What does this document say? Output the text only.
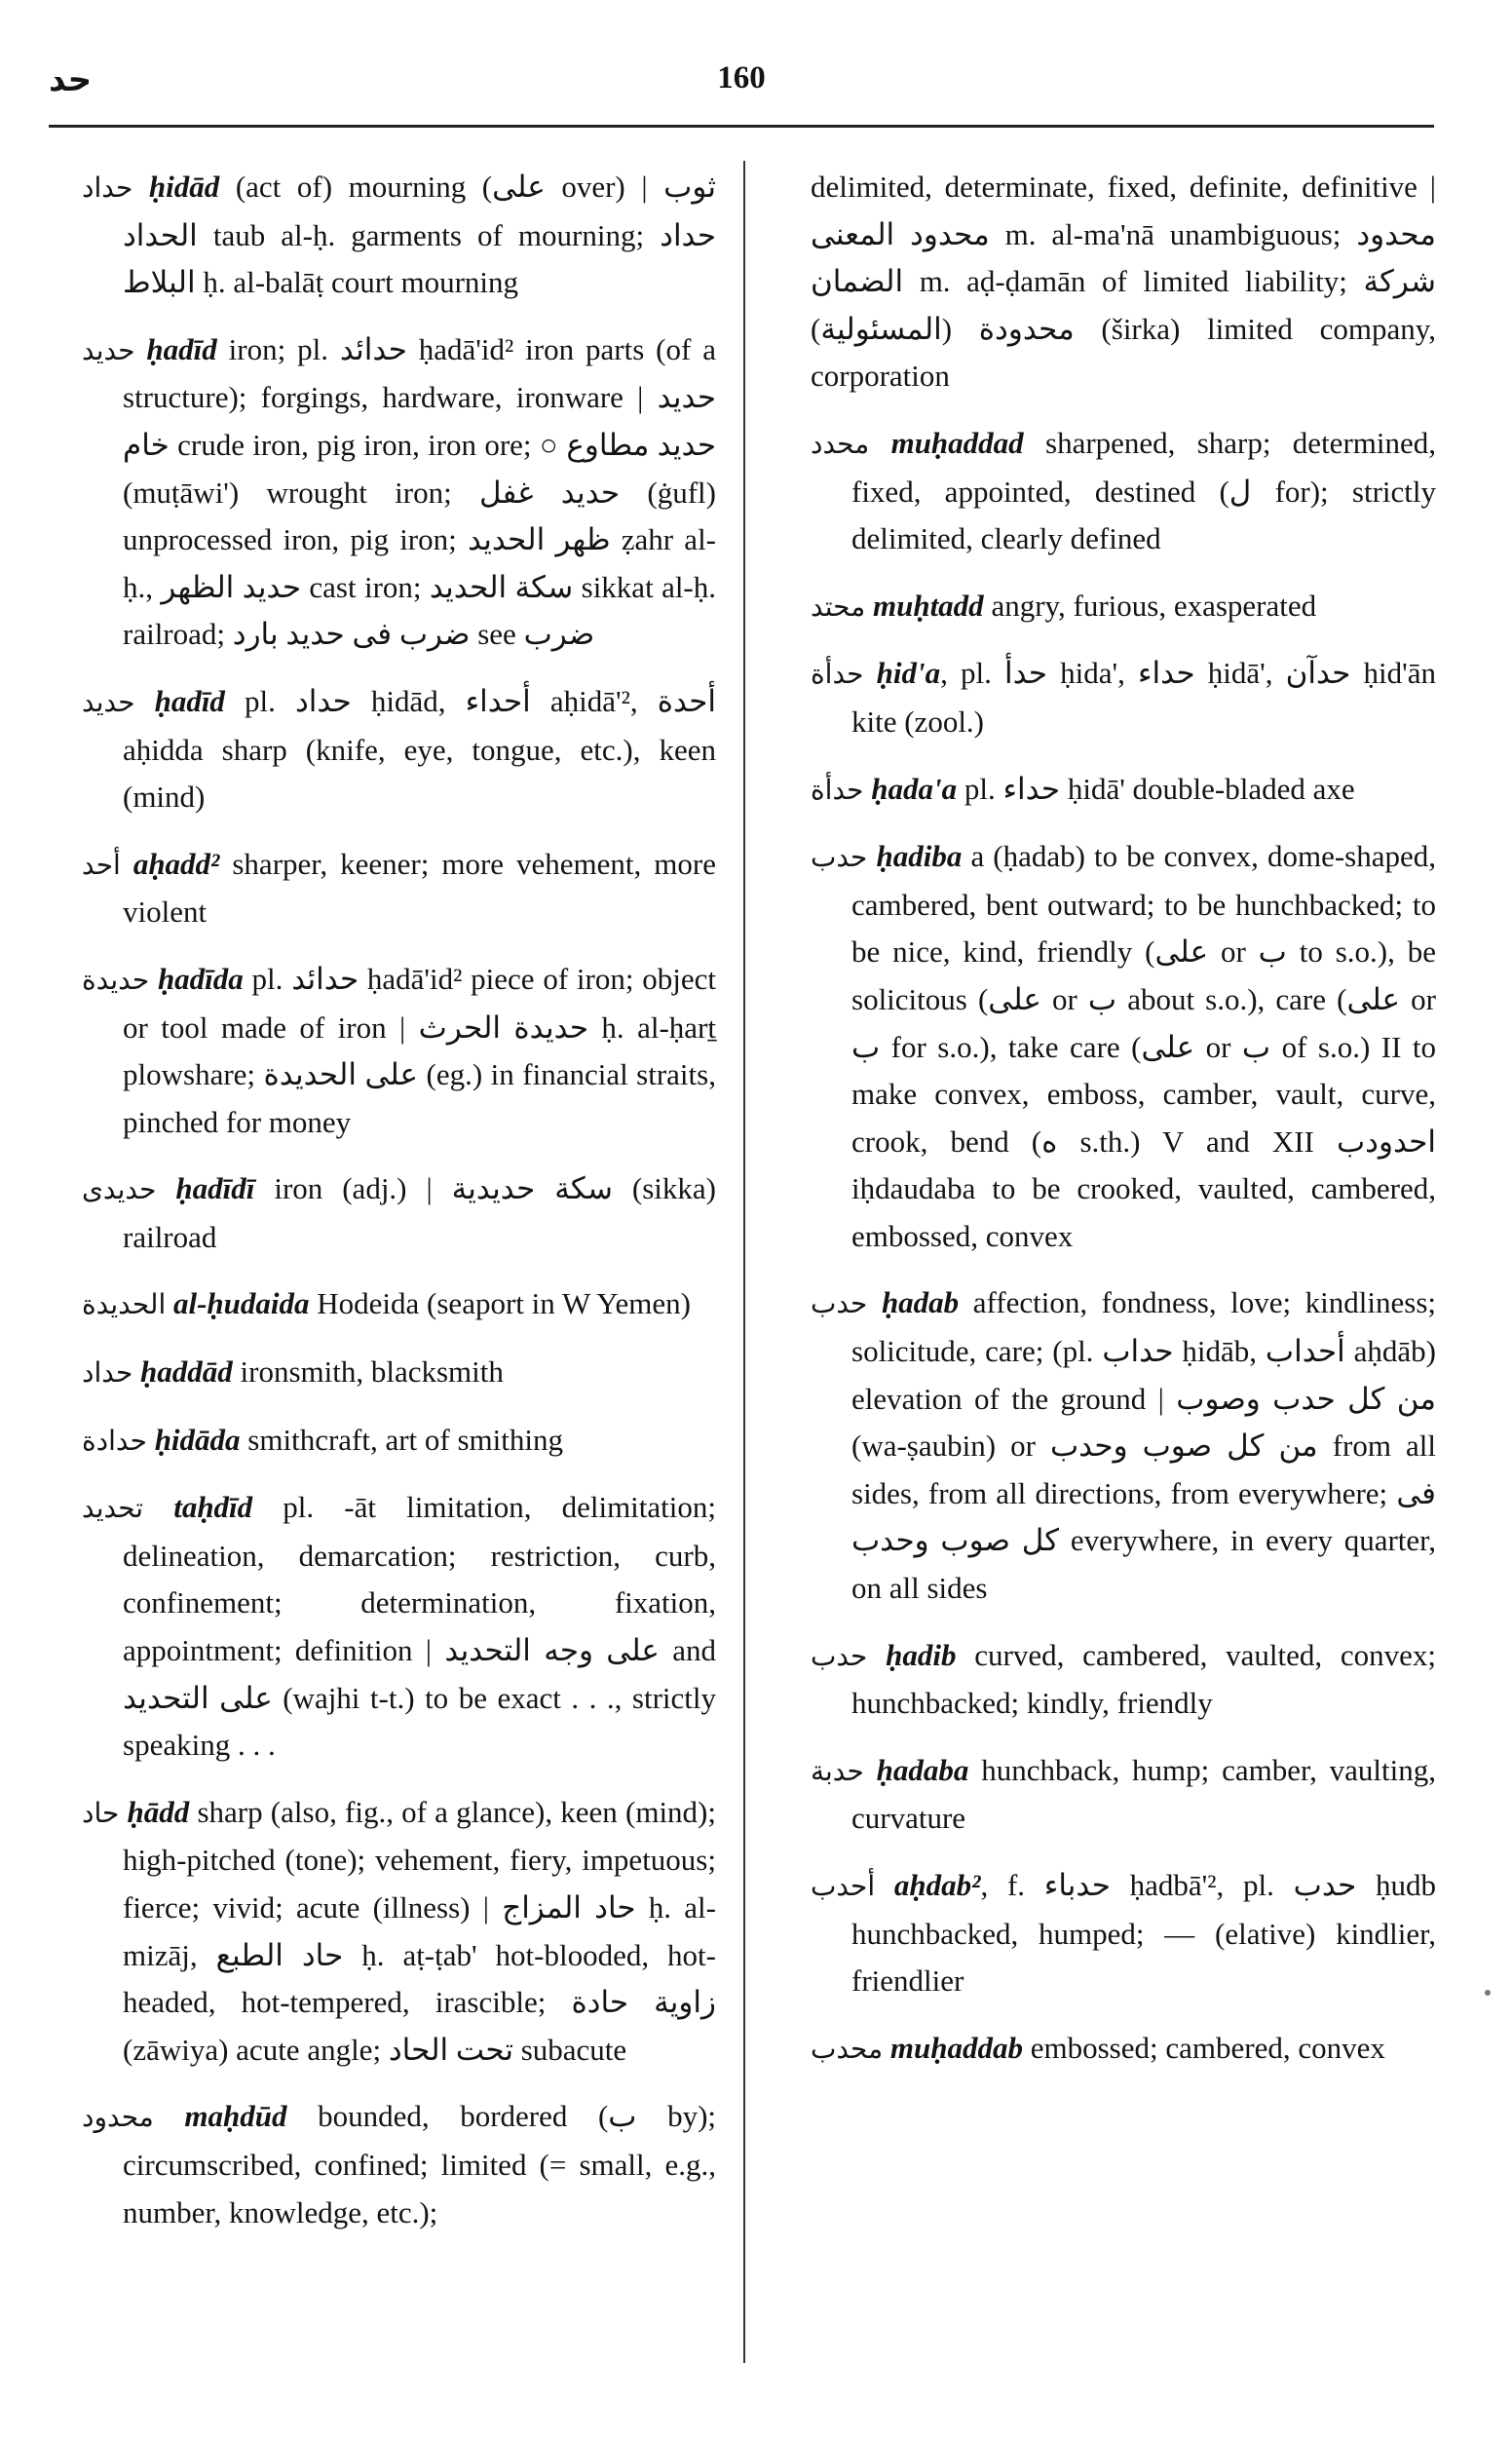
حد	160

حداد ḥidād (act of) mourning (على over) | ثوب الحداد taub al-ḥ. garments of mourning; حداد البلاط ḥ. al-balāṭ court mourning

حديد ḥadīd iron; pl. حدائد ḥadā'id² iron parts (of a structure); forgings, hardware, ironware | حديد خام crude iron, pig iron, iron ore; ○ حديد مطاوع (muṭāwi') wrought iron; حديد غفل (ġufl) unprocessed iron, pig iron; ظهر الحديد ẓahr al-ḥ., حديد الظهر cast iron; سكة الحديد sikkat al-ḥ. railroad; ضرب فى حديد بارد see ضرب

حديد ḥadīd pl. حداد ḥidād, أحداء aḥidā'², أحدة aḥidda sharp (knife, eye, tongue, etc.), keen (mind)

أحد aḥadd² sharper, keener; more vehement, more violent

حديدة ḥadīda pl. حدائد ḥadā'id² piece of iron; object or tool made of iron | حديدة الحرث ḥ. al-ḥarṯ plowshare; على الحديدة (eg.) in financial straits, pinched for money

حديدى ḥadīdī iron (adj.) | سكة حديدية (sikka) railroad

الحديدة al-ḥudaida Hodeida (seaport in W Yemen)

حداد ḥaddād ironsmith, blacksmith

حدادة ḥidāda smithcraft, art of smithing

تحديد taḥdīd pl. -āt limitation, delimitation; delineation, demarcation; restriction, curb, confinement; determination, fixation, appointment; definition | على وجه التحديد and على التحديد (wajhi t-t.) to be exact . . ., strictly speaking . . .

حاد ḥādd sharp (also, fig., of a glance), keen (mind); high-pitched (tone); vehement, fiery, impetuous; fierce; vivid; acute (illness) | حاد المزاج ḥ. al-mizāj, حاد الطبع ḥ. aṭ-ṭab' hot-blooded, hot-headed, hot-tempered, irascible; زاوية حادة (zāwiya) acute angle; تحت الحاد subacute

محدود maḥdūd bounded, bordered (ب by); circumscribed, confined; limited (= small, e.g., number, knowledge, etc.);

delimited, determinate, fixed, definite, definitive | محدود المعنى m. al-ma'nā unambiguous; محدود الضمان m. aḍ-ḍamān of limited liability; شركة محدودة (المسئولية) (širka) limited company, corporation

محدد muḥaddad sharpened, sharp; determined, fixed, appointed, destined (ل for); strictly delimited, clearly defined

محتد muḥtadd angry, furious, exasperated

حدأة ḥid'a, pl. حدأ ḥida', حداء ḥidā', حدآن ḥid'ān kite (zool.)

حدأة ḥada'a pl. حداء ḥidā' double-bladed axe

حدب ḥadiba a (ḥadab) to be convex, dome-shaped, cambered, bent outward; to be hunchbacked; to be nice, kind, friendly (على or ب to s.o.), be solicitous (على or ب about s.o.), care (على or ب for s.o.), take care (على or ب of s.o.) II to make convex, emboss, camber, vault, curve, crook, bend (ه s.th.) V and XII احدودب iḥdaudaba to be crooked, vaulted, cambered, embossed, convex

حدب ḥadab affection, fondness, love; kindliness; solicitude, care; (pl. حداب ḥidāb, أحداب aḥdāb) elevation of the ground | من كل حدب وصوب (wa-ṣaubin) or من كل صوب وحدب from all sides, from all directions, from everywhere; فى كل صوب وحدب everywhere, in every quarter, on all sides

حدب ḥadib curved, cambered, vaulted, convex; hunchbacked; kindly, friendly

حدبة ḥadaba hunchback, hump; camber, vaulting, curvature

أحدب aḥdab², f. حدباء ḥadbā'², pl. حدب ḥudb hunchbacked, humped; — (elative) kindlier, friendlier

محدب muḥaddab embossed; cambered, convex
